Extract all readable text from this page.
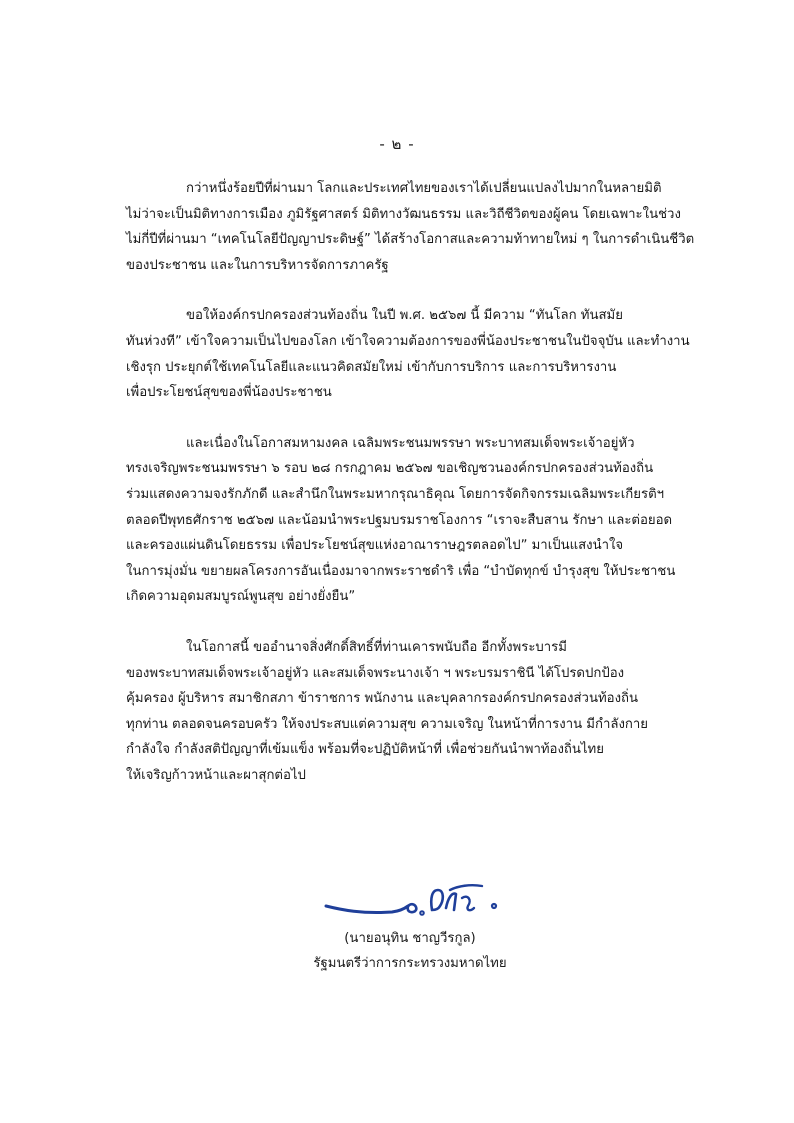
- ๒ -
กว่าหนึ่งร้อยปีที่ผ่านมา โลกและประเทศไทยของเราได้เปลี่ยนแปลงไปมากในหลายมิติ
ไม่ว่าจะเป็นมิติทางการเมือง ภูมิรัฐศาสตร์ มิติทางวัฒนธรรม และวิถีชีวิตของผู้คน โดยเฉพาะในช่วง
ไม่กี่ปีที่ผ่านมา “เทคโนโลยีปัญญาประดิษฐ์” ได้สร้างโอกาสและความท้าทายใหม่ ๆ ในการดำเนินชีวิต
ของประชาชน และในการบริหารจัดการภาครัฐ
ขอให้องค์กรปกครองส่วนท้องถิ่น ในปี พ.ศ. ๒๕๖๗ นี้ มีความ “ทันโลก ทันสมัย
ทันห่วงทีˮ เข้าใจความเป็นไปของโลก เข้าใจความต้องการของพี่น้องประชาชนในปัจจุบัน และทำงาน
เชิงรุก ประยุกต์ใช้เทคโนโลยีและแนวคิดสมัยใหม่ เข้ากับการบริการ และการบริหารงาน
เพื่อประโยชน์สุขของพี่น้องประชาชน
และเนื่องในโอกาสมหามงคล เฉลิมพระชนมพรรษา พระบาทสมเด็จพระเจ้าอยู่หัว
ทรงเจริญพระชนมพรรษา ๖ รอบ ๒๘ กรกฎาคม ๒๕๖๗ ขอเชิญชวนองค์กรปกครองส่วนท้องถิ่น
ร่วมแสดงความจงรักภักดี และสำนึกในพระมหากรุณาธิคุณ โดยการจัดกิจกรรมเฉลิมพระเกียรติฯ
ตลอดปีพุทธศักราช ๒๕๖๗ และน้อมนำพระปฐมบรมราชโองการ “เราจะสืบสาน รักษา และต่อยอด
และครองแผ่นดินโดยธรรม เพื่อประโยชน์สุขแห่งอาณาราษฎรตลอดไปˮ มาเป็นแสงนำใจ
ในการมุ่งมั่น ขยายผลโครงการอันเนื่องมาจากพระราชดำริ เพื่อ “บำบัดทุกข์ บำรุงสุข ให้ประชาชน
เกิดความอุดมสมบูรณ์พูนสุข อย่างยั่งยืนˮ
ในโอกาสนี้ ขออำนาจสิ่งศักดิ์สิทธิ์ที่ท่านเคารพนับถือ อีกทั้งพระบารมี
ของพระบาทสมเด็จพระเจ้าอยู่หัว และสมเด็จพระนางเจ้า ฯ พระบรมราชินี ได้โปรดปกป้อง
คุ้มครอง ผู้บริหาร สมาชิกสภา ข้าราชการ พนักงาน และบุคลากรองค์กรปกครองส่วนท้องถิ่น
ทุกท่าน ตลอดจนครอบครัว ให้จงประสบแต่ความสุข ความเจริญ ในหน้าที่การงาน มีกำลังกาย
กำลังใจ กำลังสติปัญญาที่เข้มแข็ง พร้อมที่จะปฏิบัติหน้าที่ เพื่อช่วยกันนำพาท้องถิ่นไทย
ให้เจริญก้าวหน้าและผาสุกต่อไป
(นายอนุทิน ชาญวีรกูล)
รัฐมนตรีว่าการกระทรวงมหาดไทย
